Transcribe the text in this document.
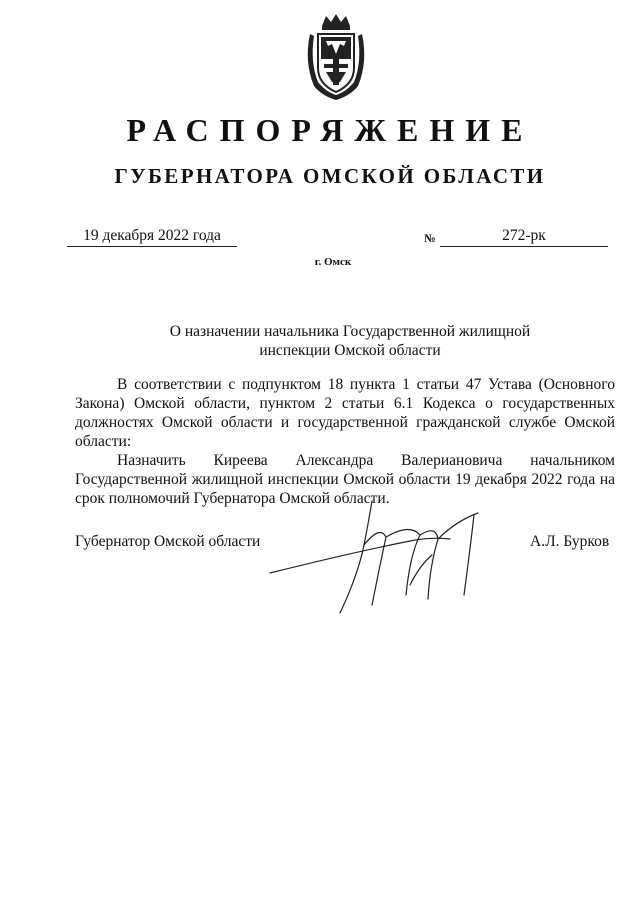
РАСПОРЯЖЕНИЕ
ГУБЕРНАТОРА ОМСКОЙ ОБЛАСТИ
19 декабря 2022 года	№	272-рк
г. Омск
О назначении начальника Государственной жилищной
инспекции Омской области

В соответствии с подпунктом 18 пункта 1 статьи 47 Устава (Основного Закона) Омской области, пунктом 2 статьи 6.1 Кодекса о государственных должностях Омской области и государственной гражданской службе Омской области:

Назначить Киреева Александра Валериановича начальником Государственной жилищной инспекции Омской области 19 декабря 2022 года на срок полномочий Губернатора Омской области.

Губернатор Омской области	А.Л. Бурков
